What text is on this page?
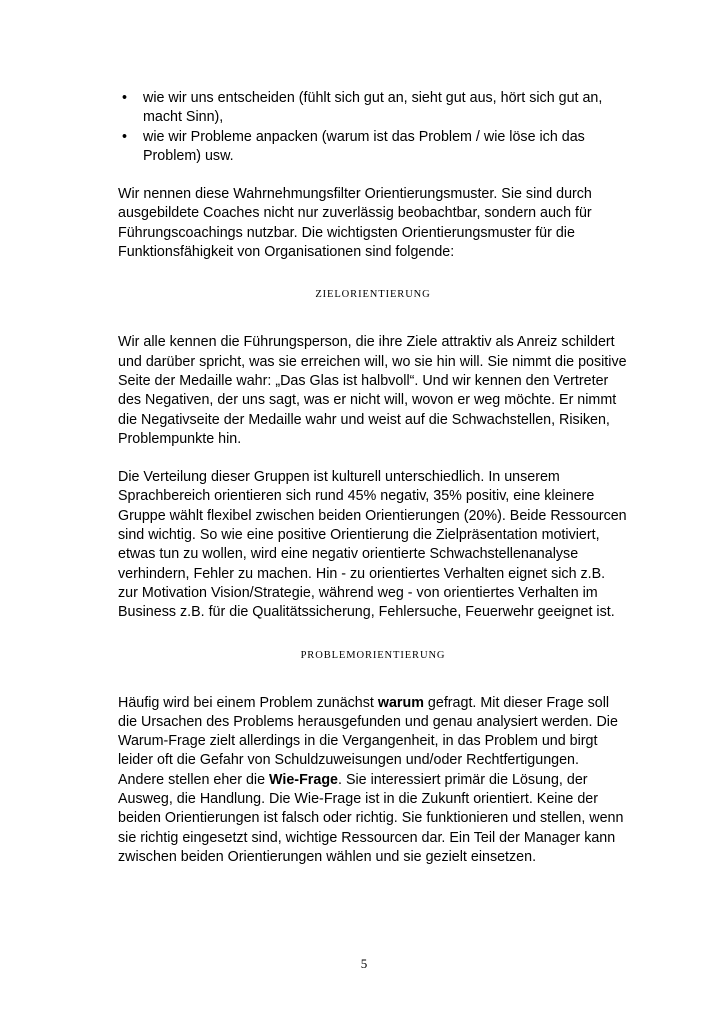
• wie wir uns entscheiden (fühlt sich gut an, sieht gut aus, hört sich gut an, macht Sinn),
• wie wir Probleme anpacken (warum ist das Problem / wie löse ich das Problem) usw.

Wir nennen diese Wahrnehmungsfilter Orientierungsmuster. Sie sind durch ausgebildete Coaches nicht nur zuverlässig beobachtbar, sondern auch für Führungscoachings nutzbar. Die wichtigsten Orientierungsmuster für die Funktionsfähigkeit von Organisationen sind folgende:

ZIELORIENTIERUNG

Wir alle kennen die Führungsperson, die ihre Ziele attraktiv als Anreiz schildert und darüber spricht, was sie erreichen will, wo sie hin will. Sie nimmt die positive Seite der Medaille wahr: „Das Glas ist halbvoll“. Und wir kennen den Vertreter des Negativen, der uns sagt, was er nicht will, wovon er weg möchte. Er nimmt die Negativseite der Medaille wahr und weist auf die Schwachstellen, Risiken, Problempunkte hin.

Die Verteilung dieser Gruppen ist kulturell unterschiedlich. In unserem Sprachbereich orientieren sich rund 45% negativ, 35% positiv, eine kleinere Gruppe wählt flexibel zwischen beiden Orientierungen (20%). Beide Ressourcen sind wichtig. So wie eine positive Orientierung die Zielpräsentation motiviert, etwas tun zu wollen, wird eine negativ orientierte Schwachstellenanalyse verhindern, Fehler zu machen. Hin - zu orientiertes Verhalten eignet sich z.B. zur Motivation Vision/Strategie, während weg - von orientiertes Verhalten im Business z.B. für die Qualitätssicherung, Fehlersuche, Feuerwehr geeignet ist.

PROBLEMORIENTIERUNG

Häufig wird bei einem Problem zunächst warum gefragt. Mit dieser Frage soll die Ursachen des Problems herausgefunden und genau analysiert werden. Die Warum-Frage zielt allerdings in die Vergangenheit, in das Problem und birgt leider oft die Gefahr von Schuldzuweisungen und/oder Rechtfertigungen. Andere stellen eher die Wie-Frage. Sie interessiert primär die Lösung, der Ausweg, die Handlung. Die Wie-Frage ist in die Zukunft orientiert. Keine der beiden Orientierungen ist falsch oder richtig. Sie funktionieren und stellen, wenn sie richtig eingesetzt sind, wichtige Ressourcen dar. Ein Teil der Manager kann zwischen beiden Orientierungen wählen und sie gezielt einsetzen.

5
